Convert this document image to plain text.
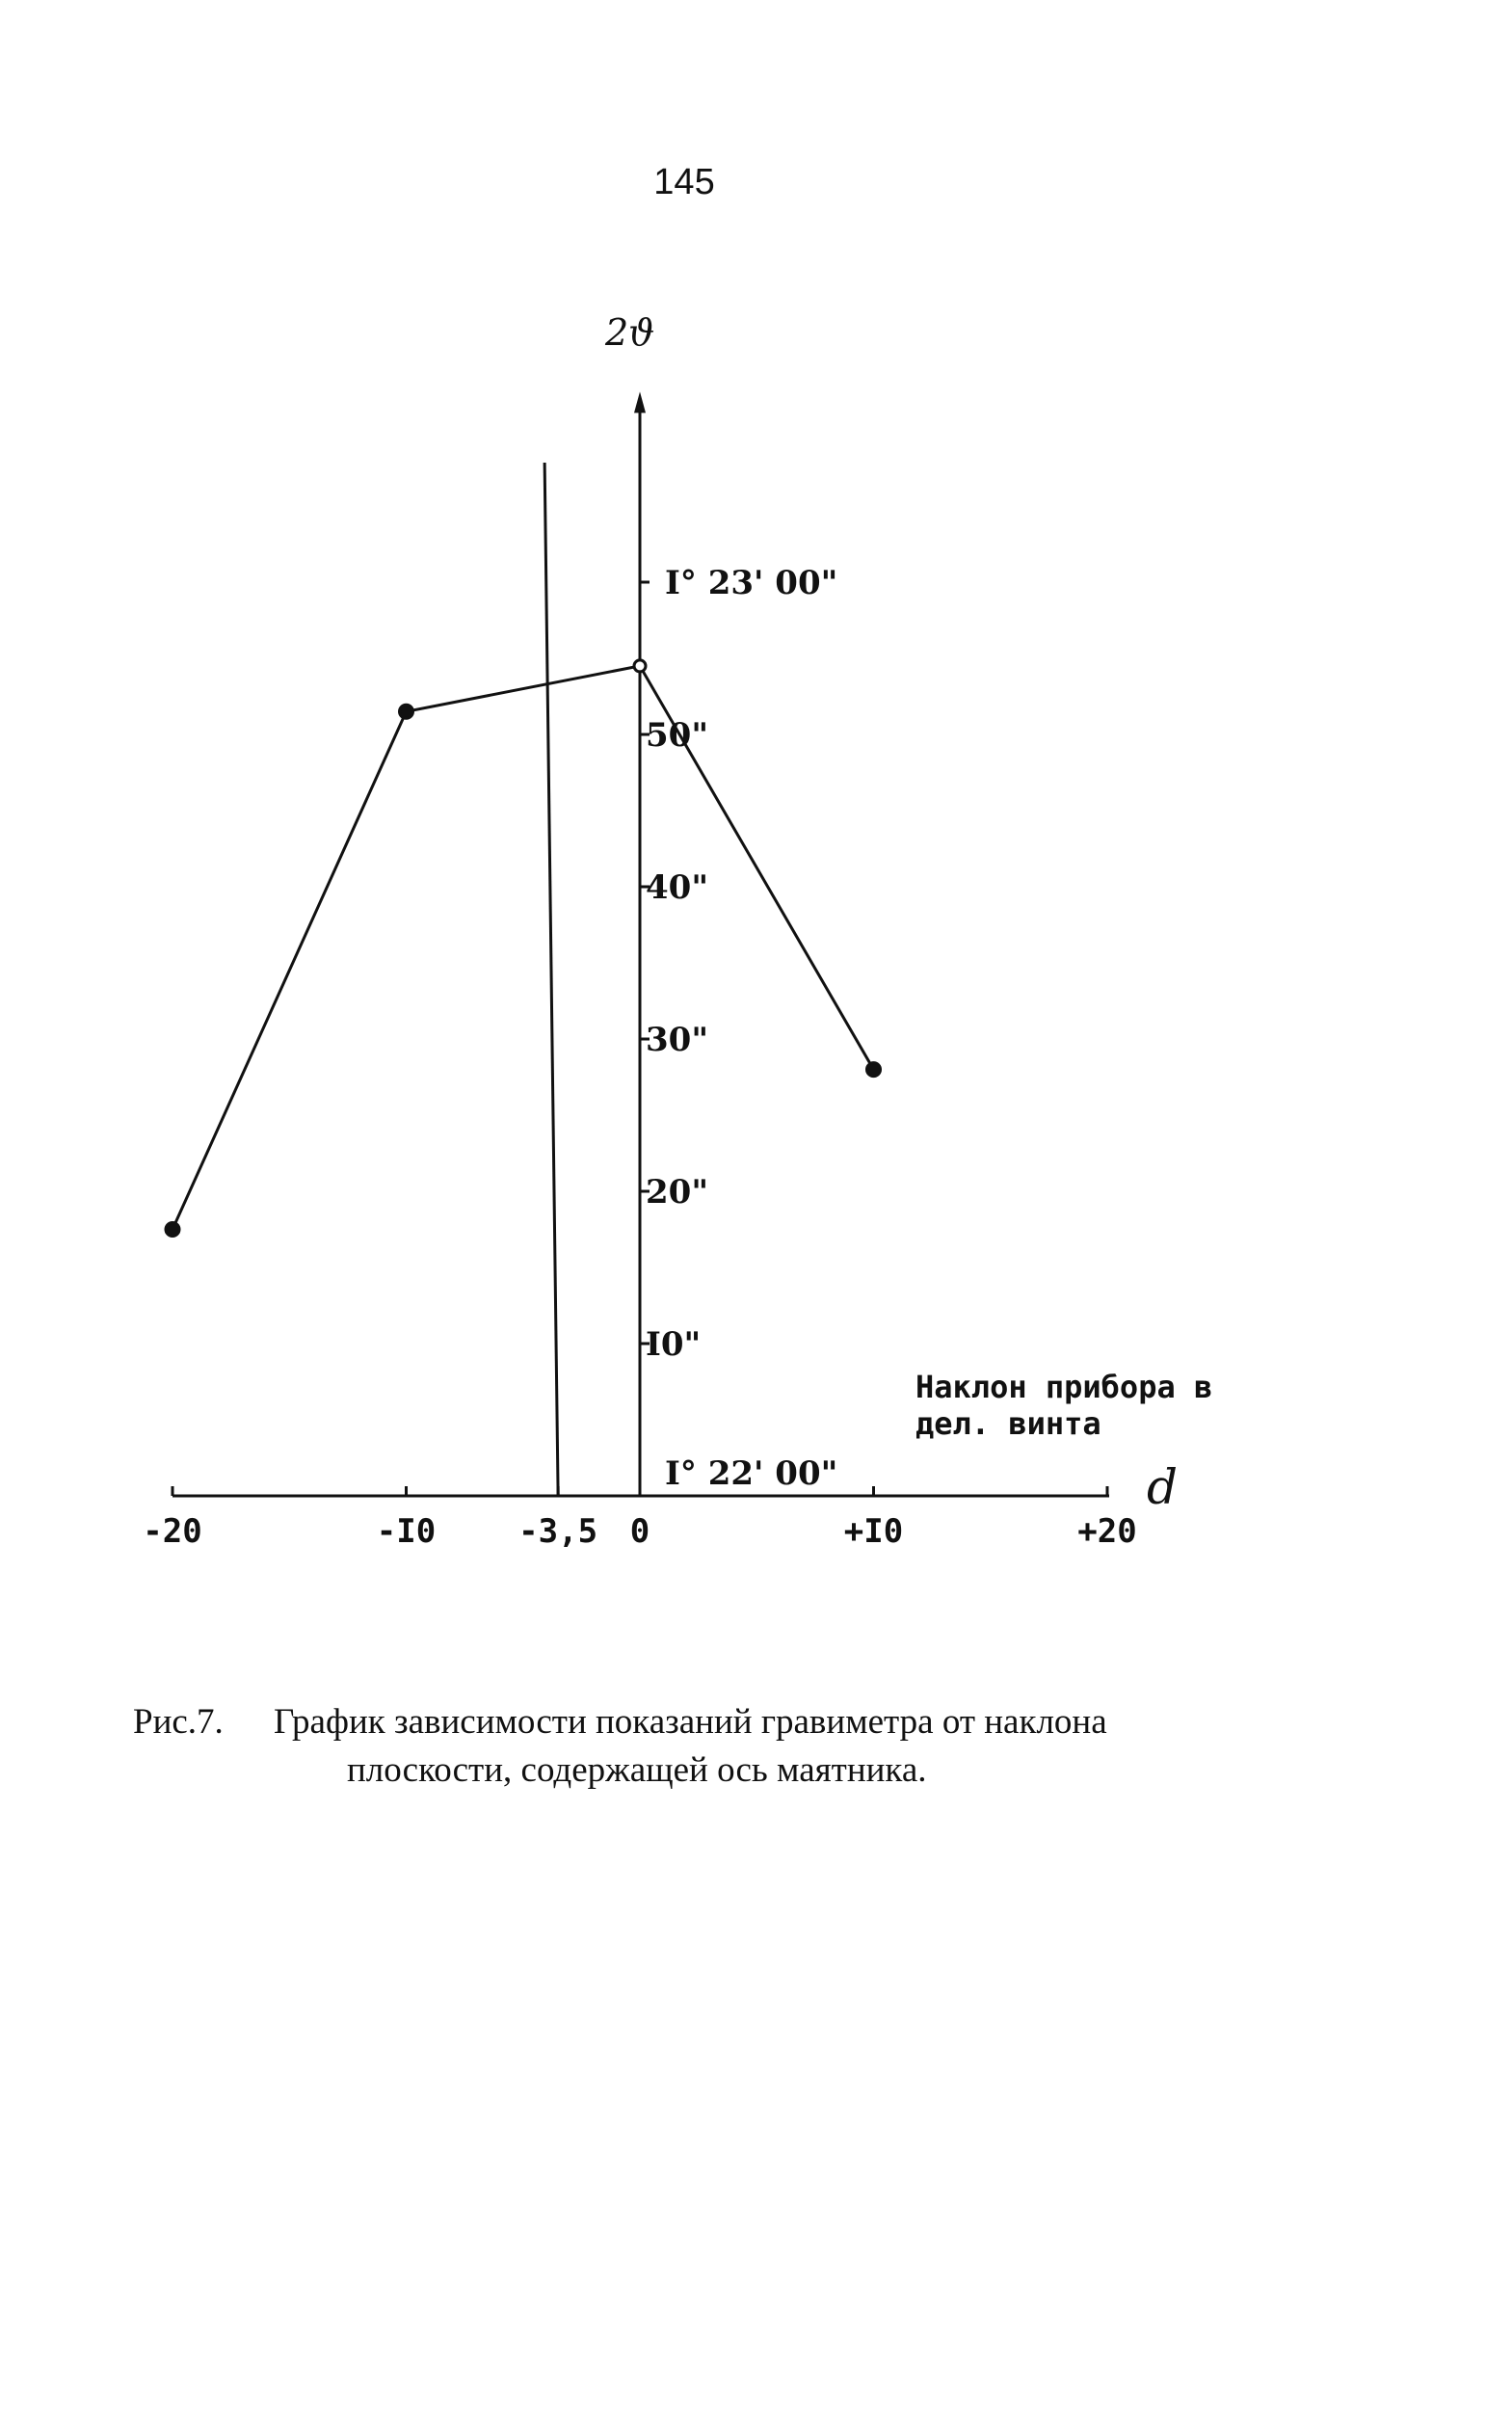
145
-20	-I0	-3,5 0	+I0	+20
I° 22' 00"
I0"
20"
30"
40"
50"
I° 23' 00"
2ϑ
d
Наклон прибора в
дел. винта
Рис.7. График зависимости показаний гравиметра от наклона
плоскости, содержащей ось маятника.
